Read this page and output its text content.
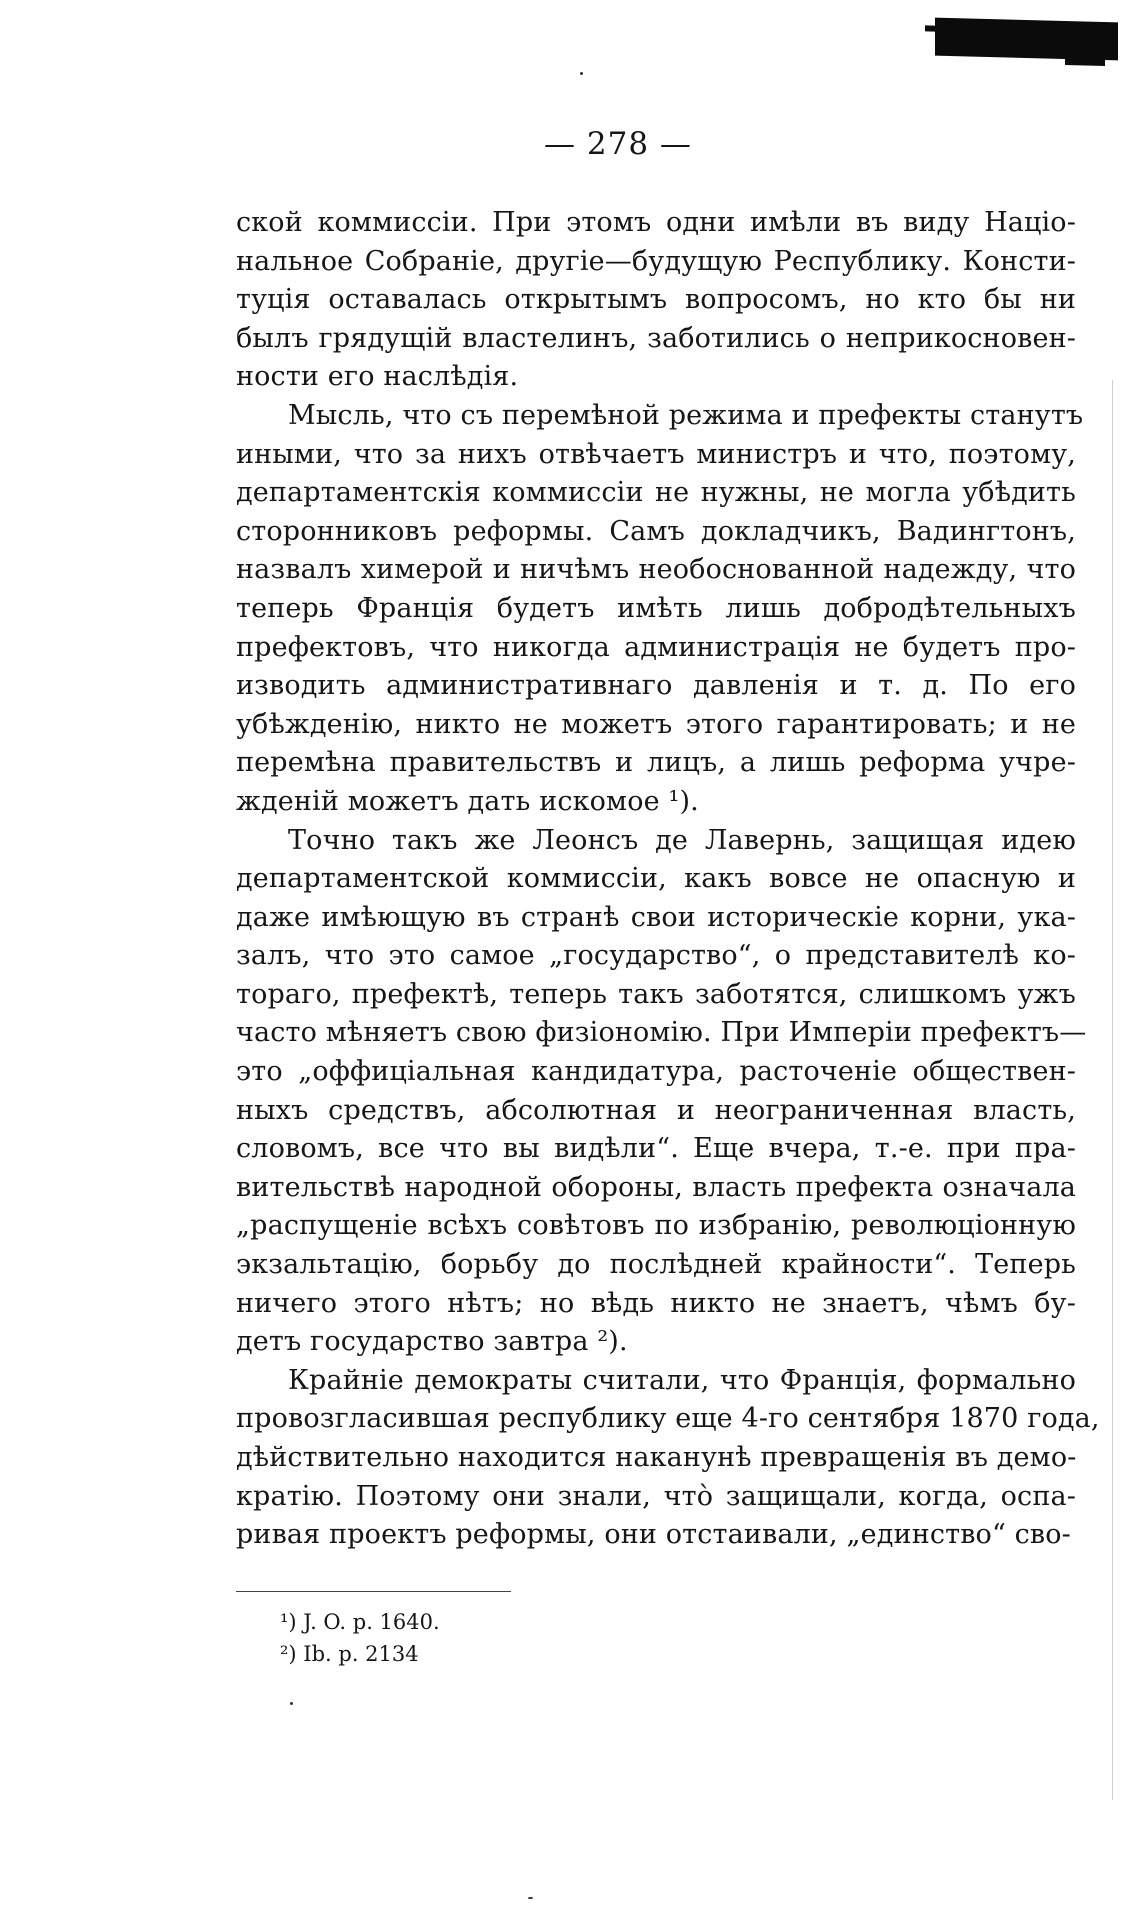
— 278 —
ской коммиссіи. При этомъ одни имѣли въ виду Націо-
нальное Собраніе, другіе—будущую Республику. Консти-
туція оставалась открытымъ вопросомъ, но кто бы ни
былъ грядущій властелинъ, заботились о неприкосновен-
ности его наслѣдія.
Мысль, что съ перемѣной режима и префекты станутъ
иными, что за нихъ отвѣчаетъ министръ и что, поэтому,
департаментскія коммиссіи не нужны, не могла убѣдить
сторонниковъ реформы. Самъ докладчикъ, Вадингтонъ,
назвалъ химерой и ничѣмъ необоснованной надежду, что
теперь Франція будетъ имѣть лишь добродѣтельныхъ
префектовъ, что никогда администрація не будетъ про-
изводить административнаго давленія и т. д. По его
убѣжденію, никто не можетъ этого гарантировать; и не
перемѣна правительствъ и лицъ, а лишь реформа учре-
жденій можетъ дать искомое ¹).
Точно такъ же Леонсъ де Лавернь, защищая идею
департаментской коммиссіи, какъ вовсе не опасную и
даже имѣющую въ странѣ свои историческіе корни, ука-
залъ, что это самое „государство“, о представителѣ ко-
тораго, префектѣ, теперь такъ заботятся, слишкомъ ужъ
часто мѣняетъ свою физіономію. При Имперіи префектъ—
это „оффиціальная кандидатура, расточеніе обществен-
ныхъ средствъ, абсолютная и неограниченная власть,
словомъ, все что вы видѣли“. Еще вчера, т.-е. при пра-
вительствѣ народной обороны, власть префекта означала
„распущеніе всѣхъ совѣтовъ по избранію, революціонную
экзальтацію, борьбу до послѣдней крайности“. Теперь
ничего этого нѣтъ; но вѣдь никто не знаетъ, чѣмъ бу-
детъ государство завтра ²).
Крайніе демократы считали, что Франція, формально
провозгласившая республику еще 4-го сентября 1870 года,
дѣйствительно находится наканунѣ превращенія въ демо-
кратію. Поэтому они знали, что̀ защищали, когда, оспа-
ривая проектъ реформы, они отстаивали, „единство“ сво-
¹) J. O. p. 1640.
²) Ib. p. 2134
